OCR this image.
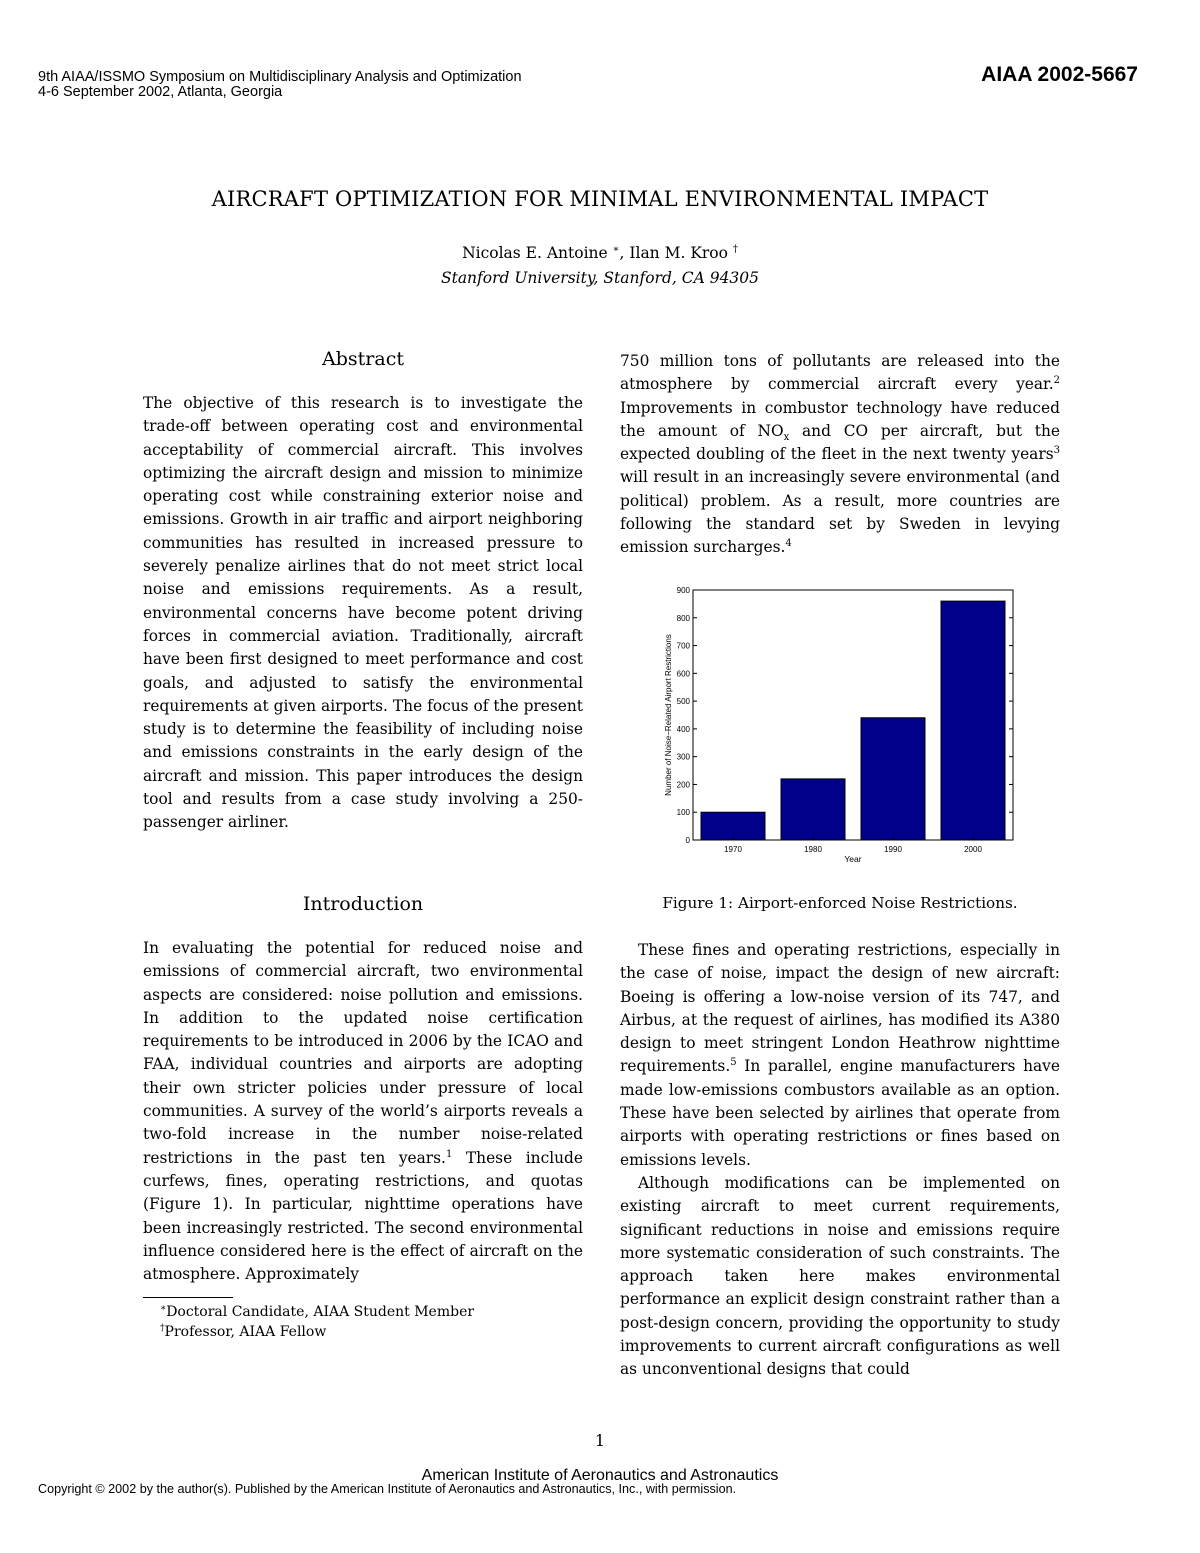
9th AIAA/ISSMO Symposium on Multidisciplinary Analysis and Optimization
4-6 September 2002, Atlanta, Georgia
AIAA 2002-5667
AIRCRAFT OPTIMIZATION FOR MINIMAL ENVIRONMENTAL IMPACT
Nicolas E. Antoine ∗, Ilan M. Kroo †
Stanford University, Stanford, CA 94305
Abstract

The objective of this research is to investigate the trade-off between operating cost and environmental acceptability of commercial aircraft. This involves optimizing the aircraft design and mission to minimize operating cost while constraining exterior noise and emissions. Growth in air traffic and airport neighboring communities has resulted in increased pressure to severely penalize airlines that do not meet strict local noise and emissions requirements. As a result, environmental concerns have become potent driving forces in commercial aviation. Traditionally, aircraft have been first designed to meet performance and cost goals, and adjusted to satisfy the environmental requirements at given airports. The focus of the present study is to determine the feasibility of including noise and emissions constraints in the early design of the aircraft and mission. This paper introduces the design tool and results from a case study involving a 250-passenger airliner.

Introduction

In evaluating the potential for reduced noise and emissions of commercial aircraft, two environmental aspects are considered: noise pollution and emissions. In addition to the updated noise certification requirements to be introduced in 2006 by the ICAO and FAA, individual countries and airports are adopting their own stricter policies under pressure of local communities. A survey of the world’s airports reveals a two-fold increase in the number noise-related restrictions in the past ten years.$^1$ These include curfews, fines, operating restrictions, and quotas (Figure 1). In particular, nighttime operations have been increasingly restricted. The second environmental influence considered here is the effect of aircraft on the atmosphere. Approximately

∗Doctoral Candidate, AIAA Student Member
†Professor, AIAA Fellow

750 million tons of pollutants are released into the atmosphere by commercial aircraft every year.$^2$ Improvements in combustor technology have reduced the amount of $NO_x$ and CO per aircraft, but the expected doubling of the fleet in the next twenty years$^3$ will result in an increasingly severe environmental (and political) problem. As a result, more countries are following the standard set by Sweden in levying emission surcharges.$^4$

0
100
200
300
400
500
600
700
800
900
1970	1980	1990	2000
Year
Number of Noise−Related Airport Restrictions
Figure 1: Airport-enforced Noise Restrictions.

These fines and operating restrictions, especially in the case of noise, impact the design of new aircraft: Boeing is offering a low-noise version of its 747, and Airbus, at the request of airlines, has modified its A380 design to meet stringent London Heathrow nighttime requirements.$^5$ In parallel, engine manufacturers have made low-emissions combustors available as an option. These have been selected by airlines that operate from airports with operating restrictions or fines based on emissions levels.

Although modifications can be implemented on existing aircraft to meet current requirements, significant reductions in noise and emissions require more systematic consideration of such constraints. The approach taken here makes environmental performance an explicit design constraint rather than a post-design concern, providing the opportunity to study improvements to current aircraft configurations as well as unconventional designs that could

1
American Institute of Aeronautics and Astronautics
Copyright © 2002 by the author(s). Published by the American Institute of Aeronautics and Astronautics, Inc., with permission.
